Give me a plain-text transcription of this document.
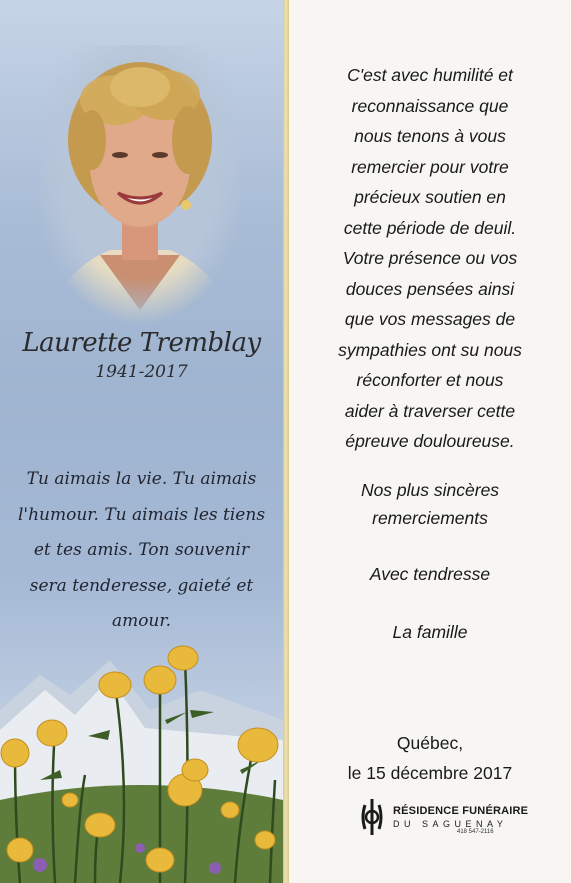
Laurette Tremblay
1941-2017
Tu aimais la vie. Tu aimais
l'humour. Tu aimais les tiens
et tes amis. Ton souvenir
sera tenderesse, gaieté et
amour.
C'est avec humilité et
reconnaissance que
nous tenons à vous
remercier pour votre
précieux soutien en
cette période de deuil.
Votre présence ou vos
douces pensées ainsi
que vos messages de
sympathies ont su nous
réconforter et nous
aider à traverser cette
épreuve douloureuse.
Nos plus sincères
remerciements
Avec tendresse
La famille
Québec,
le 15 décembre 2017
RÉSIDENCE FUNÉRAIRE
DU SAGUENAY
418 547-2116
